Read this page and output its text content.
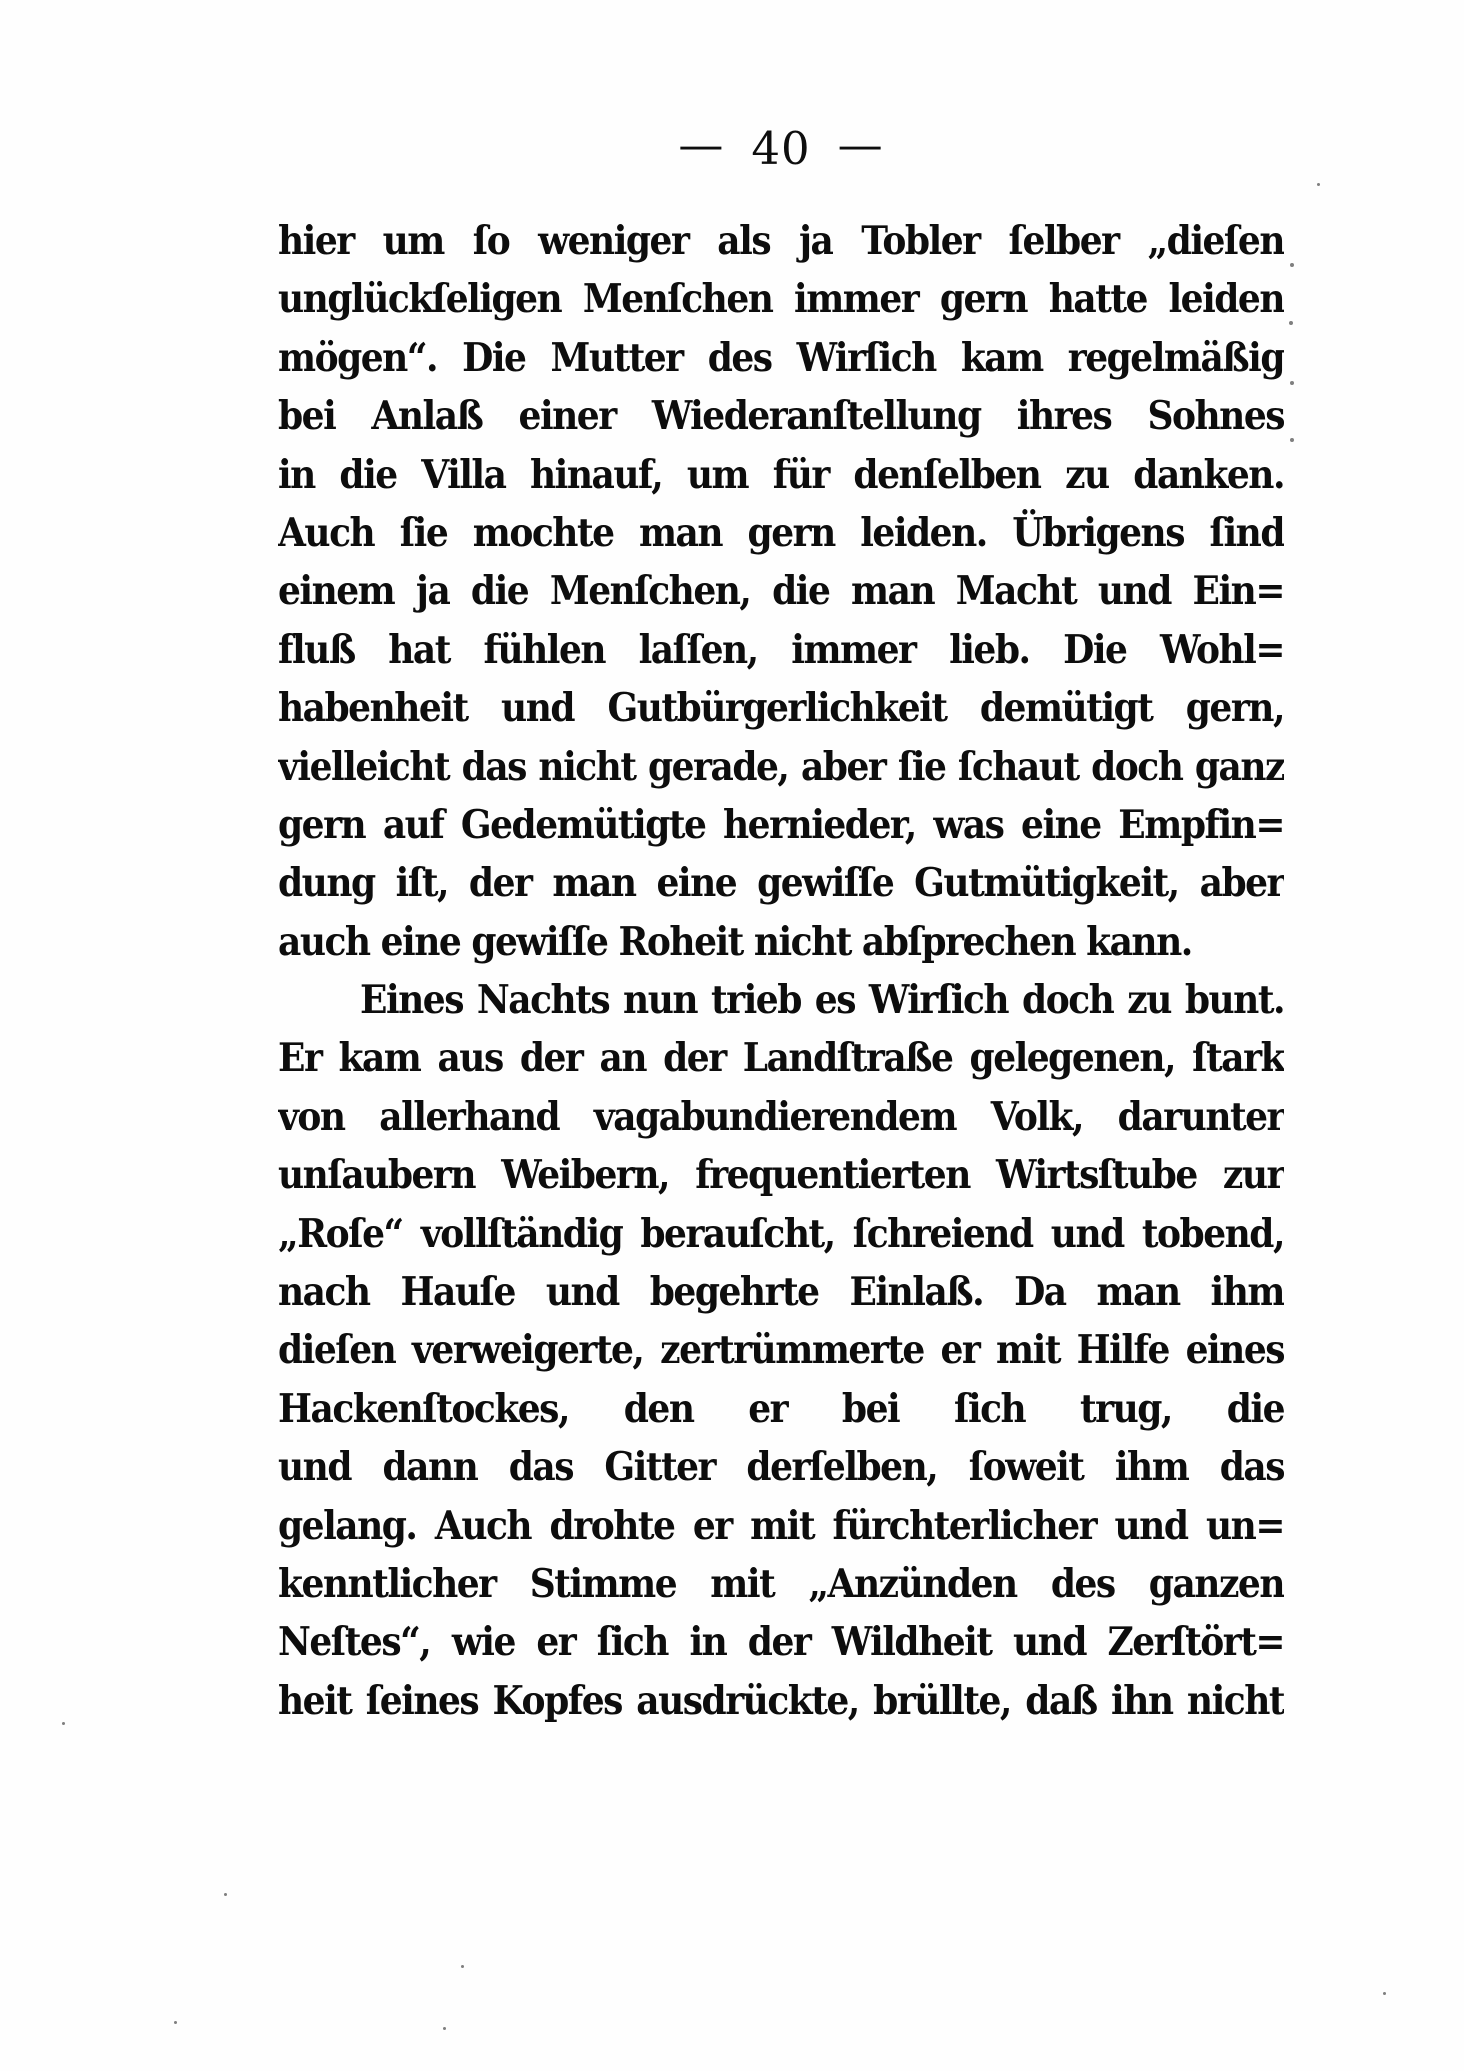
— 40 —
hier um ſo weniger als ja Tobler ſelber „dieſen
unglückſeligen Menſchen immer gern hatte leiden
mögen“. Die Mutter des Wirſich kam regelmäßig
bei Anlaß einer Wiederanſtellung ihres Sohnes
in die Villa hinauf, um für denſelben zu danken.
Auch ſie mochte man gern leiden. Übrigens ſind
einem ja die Menſchen, die man Macht und Ein=
fluß hat fühlen laſſen, immer lieb. Die Wohl=
habenheit und Gutbürgerlichkeit demütigt gern,
vielleicht das nicht gerade, aber ſie ſchaut doch ganz
gern auf Gedemütigte hernieder, was eine Empfin=
dung iſt, der man eine gewiſſe Gutmütigkeit, aber
auch eine gewiſſe Roheit nicht abſprechen kann.
Eines Nachts nun trieb es Wirſich doch zu bunt.
Er kam aus der an der Landſtraße gelegenen, ſtark
von allerhand vagabundierendem Volk, darunter
unſaubern Weibern, frequentierten Wirtsſtube zur
„Roſe“ vollſtändig berauſcht, ſchreiend und tobend,
nach Hauſe und begehrte Einlaß. Da man ihm
dieſen verweigerte, zertrümmerte er mit Hilfe eines
Hackenſtockes, den er bei ſich trug, die
und dann das Gitter derſelben, ſoweit ihm das
gelang. Auch drohte er mit fürchterlicher und un=
kenntlicher Stimme mit „Anzünden des ganzen
Neſtes“, wie er ſich in der Wildheit und Zerſtört=
heit ſeines Kopfes ausdrückte, brüllte, daß ihn nicht
